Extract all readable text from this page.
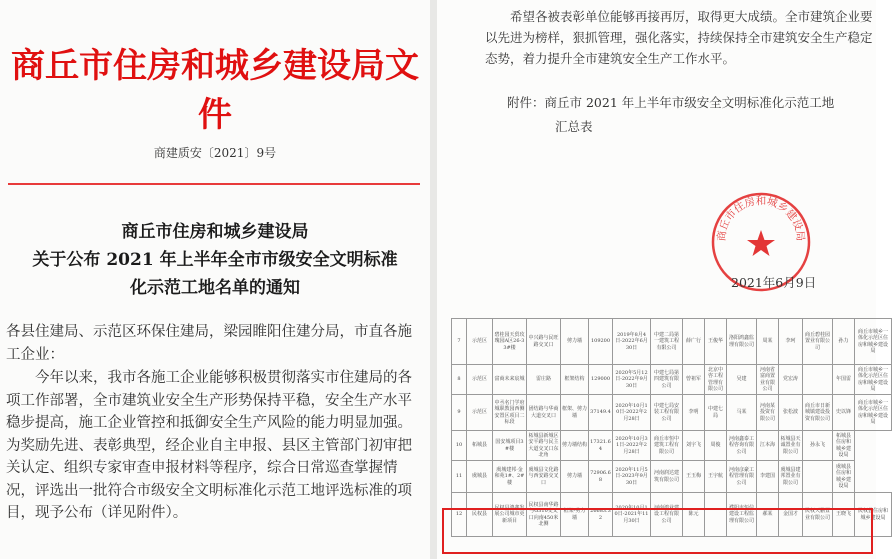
商丘市住房和城乡建设局文件
商建质安〔2021〕9号
商丘市住房和城乡建设局
关于公布 2021 年上半年全市市级安全文明标准
化示范工地名单的通知
各县住建局、示范区环保住建局，梁园睢阳住建分局，市直各施工企业：
今年以来，我市各施工企业能够积极贯彻落实市住建局的各项工作部署，全市建筑业安全生产形势保持平稳，安全生产水平稳步提高，施工企业管控和抵御安全生产风险的能力明显加强。为奖励先进、表彰典型，经企业自主申报、县区主管部门初审把关认定、组织专家审查申报材料等程序，综合日常巡查掌握情况，评选出一批符合市级安全文明标准化示范工地评选标准的项目，现予公布（详见附件）。
希望各被表彰单位能够再接再厉，取得更大成绩。全市建筑企业要以先进为榜样，狠抓管理，强化落实，持续保持全市建筑安全生产稳定态势，着力提升全市建筑安全生产工作水平。
附件：商丘市 2021 年上半年市级安全文明标准化示范工地
汇总表
商丘市住房和城乡建设局
2021年6月9日
7	示范区	碧桂园天贸玫瑰园A区26-33#楼	中兴路与民旺路交叉口	剪力墙	109200	2019年8月4日-2022年6月30日	中建二局第一建筑工程有限公司	薛广行	王俊华	洛阳鸿鑫监理有限公司	周某	李珂	商丘碧桂园置业有限公司	孙力	商丘市城乡一体化示范区住房和城乡建设局
8	示范区	富商未来宸城	雷庄路	框架结构	129000	2020年5月12日-2022年9月30日	中建七局第四建筑有限公司	曾祖军	北京中咨工程管理有限公司	吴建	河南省富商置业有限公司	党宏涛		年国雷	商丘市城乡一体化示范区住房和城乡建设局
9	示范区	中丞名门学府城职教园西侧安置区项目二标段	团结路与华商大道交叉口	框架、剪力墙	37149.4	2020年10月10日-2022年2月28日	中建七局安装工程有限公司	李明	中建七局	马某	河南某投资有限公司	张松波	商丘市日新城镇建设投资有限公司	史以锋	商丘市城乡一体化示范区住房和城乡建设局
10	柘城县	国安城项目3#楼	柘城县新城区安平路与民主大道交叉口东北角	剪力墙结构	17321.64	2020年10月31日-2022年2月28日	商丘市恒中建筑工程有限公司	刘宇飞	周俊	河南鑫泰工程咨询有限公司	江本海	柘城县天诚置业有限公司	孙永飞	柘城县住房和城乡建设局	
11	虞城县	虞城建邦·金和苑1#、2#楼	虞城县文化路与西安路交叉口	剪力墙	72906.68	2020年11月5日-2023年9月30日	河南润达建筑有限公司	王玉梅	王宇航	河南彦豪工程管理有限公司	李建国	虞城县建邦置业有限公司		虞城县住房和城乡建设局	
12	民权县	民权县鸿鑫发展公司城市更新项目	民权县南华路与G310交叉口向南450米北侧	框架-剪力墙	26683.32	2020年10月10日-2021年11月30日	河南鸿业建设工程有限公司	陈元		濮阳市恒信建设工程监理有限公司	郝某	金国才	民权天鹏置业有限公司	王晓飞	民权县住房和城乡建设局
